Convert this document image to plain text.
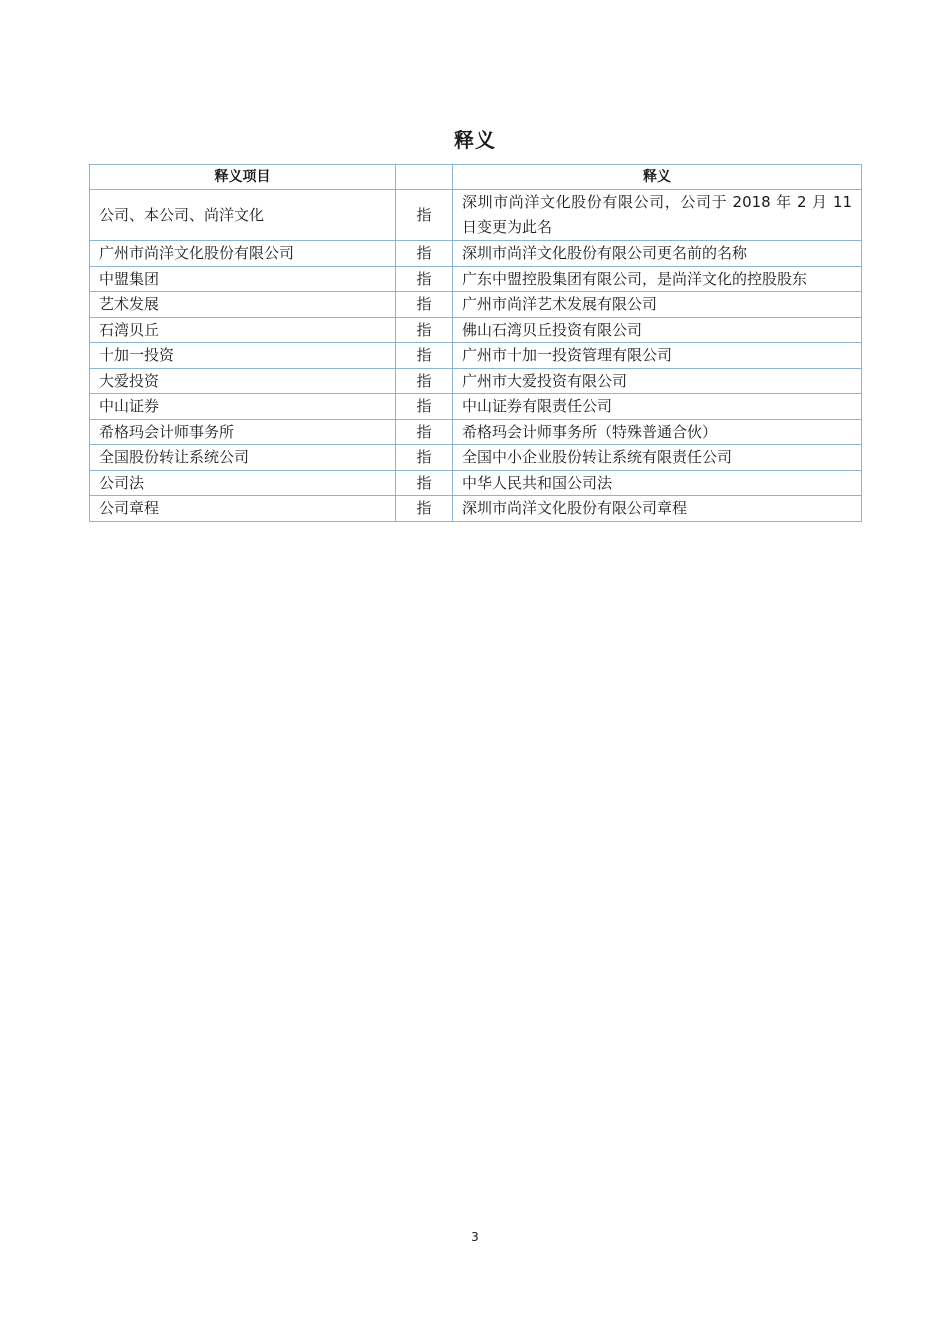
释义
释义项目		释义
公司、本公司、尚洋文化	指	深圳市尚洋文化股份有限公司，公司于 2018 年 2 月 11 日变更为此名
广州市尚洋文化股份有限公司	指	深圳市尚洋文化股份有限公司更名前的名称
中盟集团	指	广东中盟控股集团有限公司，是尚洋文化的控股股东
艺术发展	指	广州市尚洋艺术发展有限公司
石湾贝丘	指	佛山石湾贝丘投资有限公司
十加一投资	指	广州市十加一投资管理有限公司
大爱投资	指	广州市大爱投资有限公司
中山证券	指	中山证券有限责任公司
希格玛会计师事务所	指	希格玛会计师事务所（特殊普通合伙）
全国股份转让系统公司	指	全国中小企业股份转让系统有限责任公司
公司法	指	中华人民共和国公司法
公司章程	指	深圳市尚洋文化股份有限公司章程
3
